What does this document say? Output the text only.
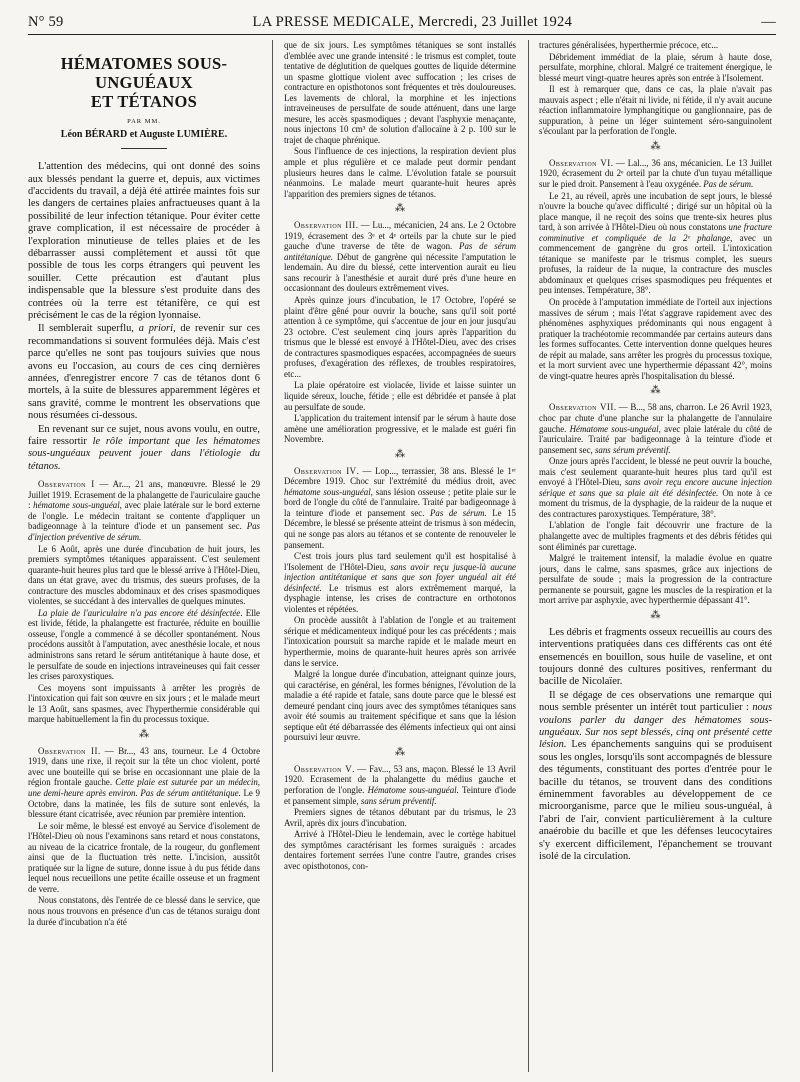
N° 59	LA PRESSE MEDICALE, Mercredi, 23 Juillet 1924	—
HÉMATOMES SOUS-UNGUÉAUX
ET TÉTANOS
PAR MM.
Léon BÉRARD et Auguste LUMIÈRE.

L'attention des médecins, qui ont donné des soins aux blessés pendant la guerre et, depuis, aux victimes d'accidents du travail, a déjà été attirée maintes fois sur les dangers de certaines plaies anfractueuses quant à la possibilité de leur infection tétanique. Pour éviter cette grave complication, il est nécessaire de procéder à l'exploration minutieuse de telles plaies et de les débarrasser aussi complètement et aussi tôt que possible de tous les corps étrangers qui peuvent les souiller. Cette précaution est d'autant plus indispensable que la blessure s'est produite dans des contrées où la terre est tétanifère, ce qui est précisément le cas de la région lyonnaise.

Il semblerait superflu, a priori, de revenir sur ces recommandations si souvent formulées déjà. Mais c'est parce qu'elles ne sont pas toujours suivies que nous avons eu l'occasion, au cours de ces cinq dernières années, d'enregistrer encore 7 cas de tétanos dont 6 mortels, à la suite de blessures apparemment légères et sans gravité, comme le montrent les observations que nous résumées ci-dessous.

En revenant sur ce sujet, nous avons voulu, en outre, faire ressortir le rôle important que les hématomes sous-unguéaux peuvent jouer dans l'étiologie du tétanos.

Observation I — Ar..., 21 ans, manœuvre. Blessé le 29 Juillet 1919. Ecrasement de la phalangette de l'auriculaire gauche : hématome sous-unguéal, avec plaie latérale sur le bord externe de l'ongle. Le médecin traitant se contente d'appliquer un badigeonnage à la teinture d'iode et un pansement sec. Pas d'injection préventive de sérum.

Le 6 Août, après une durée d'incubation de huit jours, les premiers symptômes tétaniques apparaissent. C'est seulement quarante-huit heures plus tard que le blessé arrive à l'Hôtel-Dieu, dans un état grave, avec du trismus, des sueurs profuses, de la contracture des muscles abdominaux et des crises spasmodiques violentes, se succédant à des intervalles de quelques minutes.

La plaie de l'auriculaire n'a pas encore été désinfectée. Elle est livide, fétide, la phalangette est fracturée, réduite en bouillie osseuse, l'ongle a commencé à se décoller spontanément. Nous procédons aussitôt à l'amputation, avec anesthésie locale, et nous administrons sans retard le sérum antitétanique à haute dose, et le persulfate de soude en injections intraveineuses qui fait cesser les crises paroxystiques.

Ces moyens sont impuissants à arrêter les progrès de l'intoxication qui fait son œuvre en six jours ; et le malade meurt le 13 Août, sans spasmes, avec l'hyperthermie considérable qui marque habituellement la fin du processus toxique.

⁂

Observation II. — Br..., 43 ans, tourneur. Le 4 Octobre 1919, dans une rixe, il reçoit sur la tête un choc violent, porté avec une bouteille qui se brise en occasionnant une plaie de la région frontale gauche. Cette plaie est suturée par un médecin, une demi-heure après environ. Pas de sérum antitétanique. Le 9 Octobre, dans la matinée, les fils de suture sont enlevés, la blessure étant cicatrisée, avec réunion par première intention.

Le soir même, le blessé est envoyé au Service d'isolement de l'Hôtel-Dieu où nous l'examinons sans retard et nous constatons, au niveau de la cicatrice frontale, de la rougeur, du gonflement ainsi que de la fluctuation très nette. L'incision, aussitôt pratiquée sur la ligne de suture, donne issue à du pus fétide dans lequel nous recueillons une petite écaille osseuse et un fragment de verre.

Nous constatons, dès l'entrée de ce blessé dans le service, que nous nous trouvons en présence d'un cas de tétanos suraigu dont la durée d'incubation n'a été

que de six jours. Les symptômes tétaniques se sont installés d'emblée avec une grande intensité : le trismus est complet, toute tentative de déglutition de quelques gouttes de liquide détermine un spasme glottique violent avec suffocation ; les crises de contracture en opisthotonos sont fréquentes et très douloureuses. Les lavements de chloral, la morphine et les injections intraveineuses de persulfate de soude atténuent, dans une large mesure, les accès spasmodiques ; devant l'asphyxie menaçante, nous injectons 10 cm³ de solution d'allocaïne à 2 p. 100 sur le trajet de chaque phrénique.

Sous l'influence de ces injections, la respiration devient plus ample et plus régulière et ce malade peut dormir pendant plusieurs heures dans le calme. L'évolution fatale se poursuit néanmoins. Le malade meurt quarante-huit heures après l'apparition des premiers signes de tétanos.

⁂

Observation III. — Lu..., mécanicien, 24 ans. Le 2 Octobre 1919, écrasement des 3ᵉ et 4ᵉ orteils par la chute sur le pied gauche d'une traverse de tête de wagon. Pas de sérum antitétanique. Début de gangrène qui nécessite l'amputation le lendemain. Au dire du blessé, cette intervention aurait eu lieu sans recourir à l'anesthésie et aurait duré près d'une heure en occasionnant des douleurs extrêmement vives.

Après quinze jours d'incubation, le 17 Octobre, l'opéré se plaint d'être gêné pour ouvrir la bouche, sans qu'il soit porté attention à ce symptôme, qui s'accentue de jour en jour jusqu'au 23 octobre. C'est seulement cinq jours après l'apparition du trismus que le blessé est envoyé à l'Hôtel-Dieu, avec des crises de contractures spasmodiques espacées, accompagnées de sueurs profuses, d'exagération des réflexes, de troubles respiratoires, etc...

La plaie opératoire est violacée, livide et laisse suinter un liquide séreux, louche, fétide ; elle est débridée et pansée à plat au persulfate de soude.

L'application du traitement intensif par le sérum à haute dose amène une amélioration progressive, et le malade est guéri fin Novembre.

⁂

Observation IV. — Lop..., terrassier, 38 ans. Blessé le 1ᵉʳ Décembre 1919. Choc sur l'extrémité du médius droit, avec hématome sous-unguéal, sans lésion osseuse ; petite plaie sur le bord de l'ongle du côté de l'annulaire. Traité par badigeonnage à la teinture d'iode et pansement sec. Pas de sérum. Le 15 Décembre, le blessé se présente atteint de trismus à son médecin, qui ne songe pas alors au tétanos et se contente de renouveler le pansement.

C'est trois jours plus tard seulement qu'il est hospitalisé à l'Isolement de l'Hôtel-Dieu, sans avoir reçu jusque-là aucune injection antitétanique et sans que son foyer unguéal ait été désinfecté. Le trismus est alors extrêmement marqué, la dysphagie intense, les crises de contracture en orthotonos violentes et répétées.

On procède aussitôt à l'ablation de l'ongle et au traitement sérique et médicamenteux indiqué pour les cas précédents ; mais l'intoxication poursuit sa marche rapide et le malade meurt en hyperthermie, moins de quarante-huit heures après son arrivée dans le service.

Malgré la longue durée d'incubation, atteignant quinze jours, qui caractérise, en général, les formes bénignes, l'évolution de la maladie a été rapide et fatale, sans doute parce que le blessé est demeuré pendant cinq jours avec des symptômes tétaniques sans avoir été soumis au traitement spécifique et sans que la lésion septique eût été débarrassée des éléments infectieux qui ont ainsi poursuivi leur œuvre.

⁂

Observation V. — Fav..., 53 ans, maçon. Blessé le 13 Avril 1920. Ecrasement de la phalangette du médius gauche et perforation de l'ongle. Hématome sous-unguéal. Teinture d'iode et pansement simple, sans sérum préventif.

Premiers signes de tétanos débutant par du trismus, le 23 Avril, après dix jours d'incubation.

Arrivé à l'Hôtel-Dieu le lendemain, avec le cortège habituel des symptômes caractérisant les formes suraiguës : arcades dentaires fortement serrées l'une contre l'autre, grandes crises avec opisthotonos, con-

tractures généralisées, hyperthermie précoce, etc...

Débridement immédiat de la plaie, sérum à haute dose, persulfate, morphine, chloral. Malgré ce traitement énergique, le blessé meurt vingt-quatre heures après son entrée à l'Isolement.

Il est à remarquer que, dans ce cas, la plaie n'avait pas mauvais aspect ; elle n'était ni livide, ni fétide, il n'y avait aucune réaction inflammatoire lymphangitique ou ganglionnaire, pas de suppuration, à peine un léger suintement séro-sanguinolent s'écoulant par la perforation de l'ongle.

⁂

Observation VI. — Lal..., 36 ans, mécanicien. Le 13 Juillet 1920, écrasement du 2ᵉ orteil par la chute d'un tuyau métallique sur le pied droit. Pansement à l'eau oxygénée. Pas de sérum.

Le 21, au réveil, après une incubation de sept jours, le blessé n'ouvre la bouche qu'avec difficulté ; dirigé sur un hôpital où la place manque, il ne reçoit des soins que trente-six heures plus tard, à son arrivée à l'Hôtel-Dieu où nous constatons une fracture comminutive et compliquée de la 2ᵉ phalange, avec un commencement de gangrène du gros orteil. L'intoxication tétanique se manifeste par le trismus complet, les sueurs profuses, la raideur de la nuque, la contracture des muscles abdominaux et quelques crises spasmodiques peu fréquentes et peu intenses. Température, 38°.

On procède à l'amputation immédiate de l'orteil aux injections massives de sérum ; mais l'état s'aggrave rapidement avec des phénomènes asphyxiques prédominants qui nous engagent à pratiquer la trachéotomie recommandée par certains auteurs dans les formes suffocantes. Cette intervention donne quelques heures de répit au malade, sans arrêter les progrès du processus toxique, et la mort survient avec une hyperthermie dépassant 42°, moins de vingt-quatre heures après l'hospitalisation du blessé.

⁂

Observation VII. — B..., 58 ans, charron. Le 26 Avril 1923, choc par chute d'une planche sur la phalangette de l'annulaire gauche. Hématome sous-unguéal, avec plaie latérale du côté de l'auriculaire. Traité par badigeonnage à la teinture d'iode et pansement sec, sans sérum préventif.

Onze jours après l'accident, le blessé ne peut ouvrir la bouche, mais c'est seulement quarante-huit heures plus tard qu'il est envoyé à l'Hôtel-Dieu, sans avoir reçu encore aucune injection sérique et sans que sa plaie ait été désinfectée. On note à ce moment du trismus, de la dysphagie, de la raideur de la nuque et des contractures paroxystiques. Température, 38°.

L'ablation de l'ongle fait découvrir une fracture de la phalangette avec de multiples fragments et des débris fétides qui sont éliminés par curettage.

Malgré le traitement intensif, la maladie évolue en quatre jours, dans le calme, sans spasmes, grâce aux injections de persulfate de soude ; mais la progression de la contracture permanente se poursuit, gagne les muscles de la respiration et la mort arrive par asphyxie, avec hyperthermie dépassant 41°.

⁂

Les débris et fragments osseux recueillis au cours des interventions pratiquées dans ces différents cas ont été ensemencés en bouillon, sous huile de vaseline, et ont toujours donné des cultures positives, renfermant du bacille de Nicolaïer.

Il se dégage de ces observations une remarque qui nous semble présenter un intérêt tout particulier : nous voulons parler du danger des hématomes sous-unguéaux. Sur nos sept blessés, cinq ont présenté cette lésion. Les épanchements sanguins qui se produisent sous les ongles, lorsqu'ils sont accompagnés de blessure des téguments, constituant des portes d'entrée pour le bacille du tétanos, se trouvent dans des conditions éminemment favorables au développement de ce microorganisme, parce que le milieu sous-unguéal, à l'abri de l'air, convient particulièrement à la culture anaérobie du bacille et que les défenses leucocytaires s'y exercent difficilement, l'épanchement se trouvant isolé de la circulation.
